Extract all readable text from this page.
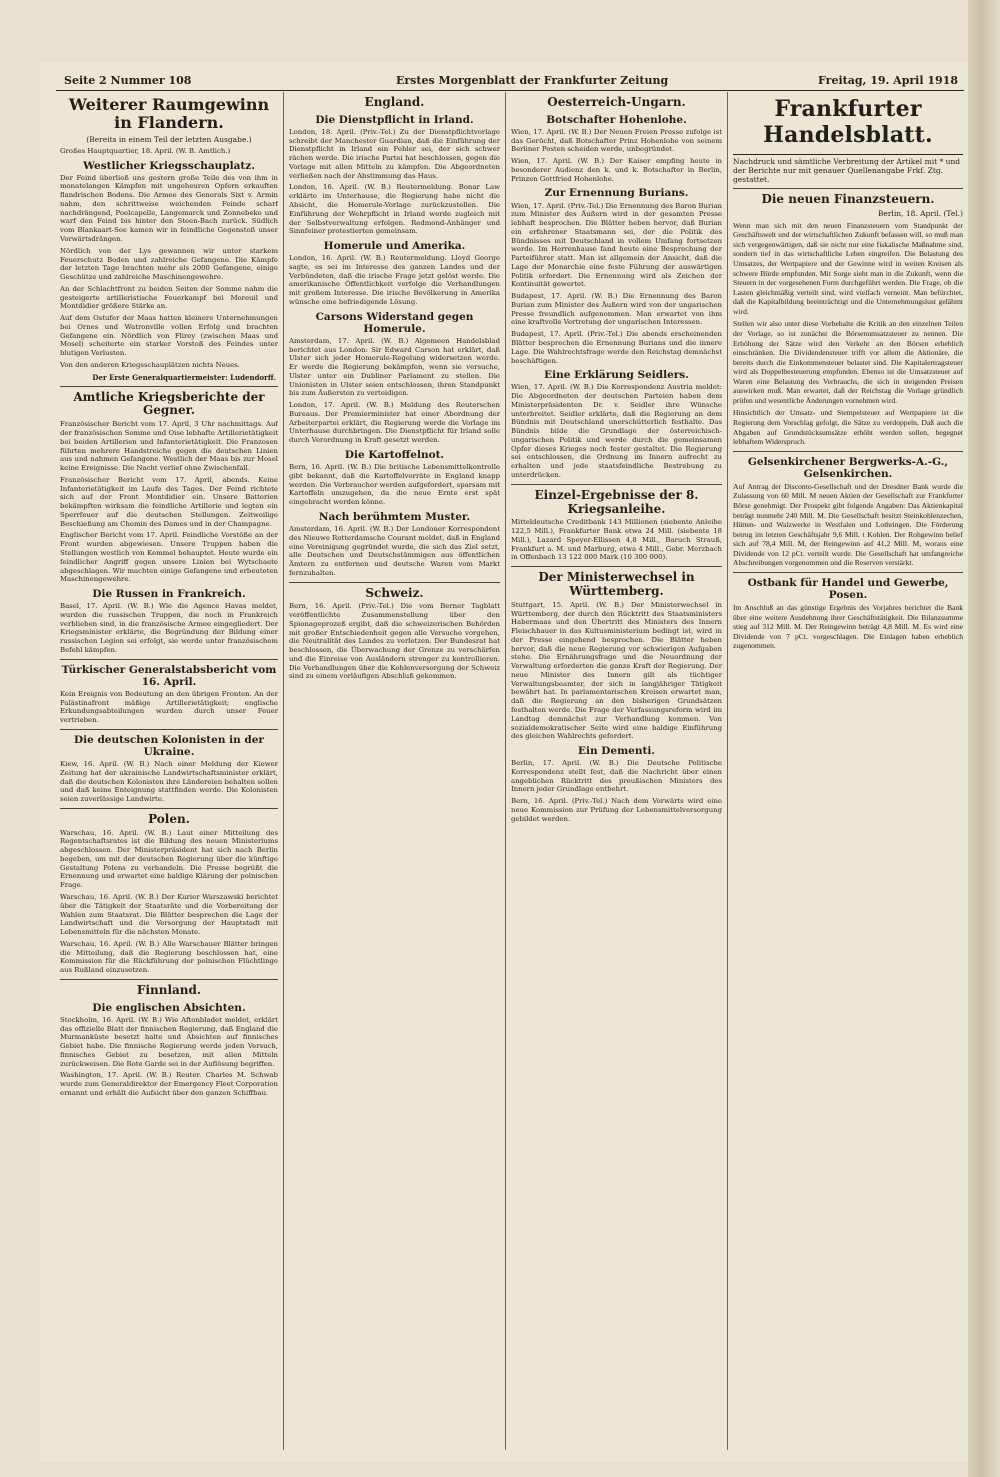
Seite 2 Nummer 108	Erstes Morgenblatt der Frankfurter Zeitung	Freitag, 19. April 1918
Weiterer Raumgewinn in Flandern.
(Bereits in einem Teil der letzten Ausgabe.)

Großes Hauptquartier, 18. April. (W. B. Amtlich.)

Westlicher Kriegsschauplatz.

Der Feind überließ uns gestern große Teile des von ihm in monatelangen Kämpfen mit ungeheuren Opfern erkauften flandrischen Bodens. Die Armee des Generals Sixt v. Armin nahm, den schrittweise weichenden Feinde scharf nachdrängend, Poelcapelle, Langemarck und Zonnebeke und warf den Feind bis hinter den Steen-Bach zurück. Südlich vom Blankaart-See kamen wir in feindliche Gegenstoß unser Vorwärtsdrängen.

Nördlich von der Lys gewannen wir unter starkem Feuerschutz Boden und zahlreiche Gefangene. Die Kämpfe der letzten Tage brachten mehr als 2000 Gefangene, einige Geschütze und zahlreiche Maschinengewehre.

An der Schlachtfront zu beiden Seiten der Somme nahm die gesteigerte artilleristische Feuerkampf bei Moreuil und Montdidier größere Stärke an.

Auf dem Ostufer der Maas hatten kleinere Unternehmungen bei Ornes und Watronville vollen Erfolg und brachten Gefangene ein. Nördlich von Flirey (zwischen Maas und Mosel) scheiterte ein starker Vorstoß des Feindes unter blutigen Verlusten.

Von den anderen Kriegsschauplätzen nichts Neues.

Der Erste Generalquartiermeister: Ludendorff.
Amtliche Kriegsberichte der Gegner.

Französischer Bericht vom 17. April, 3 Uhr nachmittags. Auf der französischen Somme und Oise lebhafte Artillerietätigkeit bei beiden Artillerien und Infanterietätigkeit. Die Franzosen führten mehrere Handstreiche gegen die deutschen Linien aus und nahmen Gefangene. Westlich der Maas bis zur Mosel keine Ereignisse. Die Nacht verlief ohne Zwischenfall.

Französischer Bericht vom 17. April, abends. Keine Infanterietätigkeit im Laufe des Tages. Der Feind richtete sich auf der Front Montdidier ein. Unsere Batterien bekämpften wirksam die feindliche Artillerie und legten ein Sperrfeuer auf die deutschen Stellungen. Zeitweilige Beschießung am Chemin des Dames und in der Champagne.

Englischer Bericht vom 17. April. Feindliche Vorstöße an der Front wurden abgewiesen. Unsere Truppen haben die Stellungen westlich von Kemmel behauptet. Heute wurde ein feindlicher Angriff gegen unsere Linien bei Wytschaete abgeschlagen. Wir machten einige Gefangene und erbeuteten Maschinengewehre.

Die Russen in Frankreich.

Basel, 17. April. (W. B.) Wie die Agence Havas meldet, wurden die russischen Truppen, die noch in Frankreich verblieben sind, in die französische Armee eingegliedert. Der Kriegsminister erklärte, die Begründung der Bildung einer russischen Legion sei erfolgt, sie werde unter französischem Befehl kämpfen.

Türkischer Generalstabsbericht vom 16. April.

Kein Ereignis von Bedeutung an den übrigen Fronten. An der Palästinafront mäßige Artillerietätigkeit; englische Erkundungsabteilungen wurden durch unser Feuer vertrieben.

Die deutschen Kolonisten in der Ukraine.

Kiew, 16. April. (W. B.) Nach einer Meldung der Kiewer Zeitung hat der ukrainische Landwirtschaftsminister erklärt, daß die deutschen Kolonisten ihre Ländereien behalten sollen und daß keine Enteignung stattfinden werde. Die Kolonisten seien zuverlässige Landwirte.

Polen.

Warschau, 16. April. (W. B.) Laut einer Mitteilung des Regentschaftsrates ist die Bildung des neuen Ministeriums abgeschlossen. Der Ministerpräsident hat sich nach Berlin begeben, um mit der deutschen Regierung über die künftige Gestaltung Polens zu verhandeln. Die Presse begrüßt die Ernennung und erwartet eine baldige Klärung der polnischen Frage.

Warschau, 16. April. (W. B.) Der Kurier Warszawski berichtet über die Tätigkeit der Staatsräte und die Vorbereitung der Wahlen zum Staatsrat. Die Blätter besprechen die Lage der Landwirtschaft und die Versorgung der Hauptstadt mit Lebensmitteln für die nächsten Monate.

Warschau, 16. April. (W. B.) Alle Warschauer Blätter bringen die Mitteilung, daß die Regierung beschlossen hat, eine Kommission für die Rückführung der polnischen Flüchtlinge aus Rußland einzusetzen.

Finnland.
Die englischen Absichten.

Stockholm, 16. April. (W. B.) Wie Aftonbladet meldet, erklärt das offizielle Blatt der finnischen Regierung, daß England die Murmanküste besetzt halte und Absichten auf finnisches Gebiet habe. Die finnische Regierung werde jeden Versuch, finnisches Gebiet zu besetzen, mit allen Mitteln zurückweisen. Die Rote Garde sei in der Auflösung begriffen.

Washington, 17. April. (W. B.) Reuter. Charles M. Schwab wurde zum Generaldirektor der Emergency Fleet Corporation ernannt und erhält die Aufsicht über den ganzen Schiffbau.

England.
Die Dienstpflicht in Irland.

London, 18. April. (Priv.-Tel.) Zu der Dienstpflichtvorlage schreibt der Manchester Guardian, daß die Einführung der Dienstpflicht in Irland ein Fehler sei, der sich schwer rächen werde. Die irische Partei hat beschlossen, gegen die Vorlage mit allen Mitteln zu kämpfen. Die Abgeordneten verließen nach der Abstimmung das Haus.

London, 16. April. (W. B.) Reutermeldung. Bonar Law erklärte im Unterhause, die Regierung habe nicht die Absicht, die Homerule-Vorlage zurückzustellen. Die Einführung der Wehrpflicht in Irland werde zugleich mit der Selbstverwaltung erfolgen. Redmond-Anhänger und Sinnfeiner protestierten gemeinsam.

Homerule und Amerika.

London, 16. April. (W. B.) Reutermeldung. Lloyd George sagte, es sei im Interesse des ganzen Landes und der Verbündeten, daß die irische Frage jetzt gelöst werde. Die amerikanische Öffentlichkeit verfolge die Verhandlungen mit großem Interesse. Die irische Bevölkerung in Amerika wünsche eine befriedigende Lösung.

Carsons Widerstand gegen Homerule.

Amsterdam, 17. April. (W. B.) Algemeen Handelsblad berichtet aus London: Sir Edward Carson hat erklärt, daß Ulster sich jeder Homerule-Regelung widersetzen werde. Er werde die Regierung bekämpfen, wenn sie versuche, Ulster unter ein Dubliner Parlament zu stellen. Die Unionisten in Ulster seien entschlossen, ihren Standpunkt bis zum Äußersten zu verteidigen.

London, 17. April. (W. B.) Meldung des Reuterschen Bureaus. Der Premierminister hat einer Abordnung der Arbeiterpartei erklärt, die Regierung werde die Vorlage im Unterhause durchbringen. Die Dienstpflicht für Irland solle durch Verordnung in Kraft gesetzt werden.

Die Kartoffelnot.

Bern, 16. April. (W. B.) Die britische Lebensmittelkontrolle gibt bekannt, daß die Kartoffelvorräte in England knapp werden. Die Verbraucher werden aufgefordert, sparsam mit Kartoffeln umzugehen, da die neue Ernte erst spät eingebracht werden könne.

Nach berühmtem Muster.

Amsterdam, 16. April. (W. B.) Der Londoner Korrespondent des Nieuwe Rotterdamsche Courant meldet, daß in England eine Vereinigung gegründet wurde, die sich das Ziel setzt, alle Deutschen und Deutschstämmigen aus öffentlichen Ämtern zu entfernen und deutsche Waren vom Markt fernzuhalten.

Schweiz.

Bern, 16. April. (Priv.-Tel.) Die vom Berner Tagblatt veröffentlichte Zusammenstellung über den Spionageprozeß ergibt, daß die schweizerischen Behörden mit großer Entschiedenheit gegen alle Versuche vorgehen, die Neutralität des Landes zu verletzen. Der Bundesrat hat beschlossen, die Überwachung der Grenze zu verschärfen und die Einreise von Ausländern strenger zu kontrollieren. Die Verhandlungen über die Kohlenversorgung der Schweiz sind zu einem vorläufigen Abschluß gekommen.

Oesterreich-Ungarn.
Botschafter Hohenlohe.

Wien, 17. April. (W. B.) Der Neuen Freien Presse zufolge ist das Gerücht, daß Botschafter Prinz Hohenlohe von seinem Berliner Posten scheiden werde, unbegründet.

Wien, 17. April. (W. B.) Der Kaiser empfing heute in besonderer Audienz den k. und k. Botschafter in Berlin, Prinzen Gottfried Hohenlohe.

Zur Ernennung Burians.

Wien, 17. April. (Priv.-Tel.) Die Ernennung des Baron Burian zum Minister des Äußern wird in der gesamten Presse lebhaft besprochen. Die Blätter heben hervor, daß Burian ein erfahrener Staatsmann sei, der die Politik des Bündnisses mit Deutschland in vollem Umfang fortsetzen werde. Im Herrenhause fand heute eine Besprechung der Parteiführer statt. Man ist allgemein der Ansicht, daß die Lage der Monarchie eine feste Führung der auswärtigen Politik erfordert. Die Ernennung wird als Zeichen der Kontinuität gewertet.

Budapest, 17. April. (W. B.) Die Ernennung des Baron Burian zum Minister des Äußern wird von der ungarischen Presse freundlich aufgenommen. Man erwartet von ihm eine kraftvolle Vertretung der ungarischen Interessen.

Budapest, 17. April. (Priv.-Tel.) Die abends erscheinenden Blätter besprechen die Ernennung Burians und die innere Lage. Die Wahlrechtsfrage werde den Reichstag demnächst beschäftigen.

Eine Erklärung Seidlers.

Wien, 17. April. (W. B.) Die Korrespondenz Austria meldet: Die Abgeordneten der deutschen Parteien haben dem Ministerpräsidenten Dr. v. Seidler ihre Wünsche unterbreitet. Seidler erklärte, daß die Regierung an dem Bündnis mit Deutschland unerschütterlich festhalte. Das Bündnis bilde die Grundlage der österreichisch-ungarischen Politik und werde durch die gemeinsamen Opfer dieses Krieges noch fester gestaltet. Die Regierung sei entschlossen, die Ordnung im Innern aufrecht zu erhalten und jede staatsfeindliche Bestrebung zu unterdrücken.

Einzel-Ergebnisse der 8. Kriegsanleihe.

Mitteldeutsche Creditbank 143 Millionen (siebente Anleihe 122,5 Mill.), Frankfurter Bank etwa 24 Mill. (siebente 18 Mill.), Lazard Speyer-Ellissen 4,8 Mill., Baruch Strauß, Frankfurt a. M. und Marburg, etwa 4 Mill., Gebr. Merzbach in Offenbach 13 122 000 Mark (10 300 000).

Der Ministerwechsel in Württemberg.

Stuttgart, 15. April. (W. B.) Der Ministerwechsel in Württemberg, der durch den Rücktritt des Staatsministers Habermaas und den Übertritt des Ministers des Innern Fleischhauer in das Kultusministerium bedingt ist, wird in der Presse eingehend besprochen. Die Blätter heben hervor, daß die neue Regierung vor schwierigen Aufgaben stehe. Die Ernährungsfrage und die Neuordnung der Verwaltung erforderten die ganze Kraft der Regierung. Der neue Minister des Innern gilt als tüchtiger Verwaltungsbeamter, der sich in langjähriger Tätigkeit bewährt hat. In parlamentarischen Kreisen erwartet man, daß die Regierung an den bisherigen Grundsätzen festhalten werde. Die Frage der Verfassungsreform wird im Landtag demnächst zur Verhandlung kommen. Von sozialdemokratischer Seite wird eine baldige Einführung des gleichen Wahlrechts gefordert.

Ein Dementi.

Berlin, 17. April. (W. B.) Die Deutsche Politische Korrespondenz stellt fest, daß die Nachricht über einen angeblichen Rücktritt des preußischen Ministers des Innern jeder Grundlage entbehrt.

Bern, 16. April. (Priv.-Tel.) Nach dem Vorwärts wird eine neue Kommission zur Prüfung der Lebensmittelversorgung gebildet werden.

Frankfurter Handelsblatt.
Nachdruck und sämtliche Verbreitung der Artikel mit * und der Berichte nur mit genauer Quellenangabe Frkf. Ztg. gestattet.
Die neuen Finanzsteuern.
Berlin, 18. April. (Tel.)

Wenn man sich mit den neuen Finanzsteuern vom Standpunkt der Geschäftswelt und der wirtschaftlichen Zukunft befassen will, so muß man sich vergegenwärtigen, daß sie nicht nur eine fiskalische Maßnahme sind, sondern tief in das wirtschaftliche Leben eingreifen. Die Belastung des Umsatzes, der Wertpapiere und der Gewinne wird in weiten Kreisen als schwere Bürde empfunden. Mit Sorge sieht man in die Zukunft, wenn die Steuern in der vorgesehenen Form durchgeführt werden. Die Frage, ob die Lasten gleichmäßig verteilt sind, wird vielfach verneint. Man befürchtet, daß die Kapitalbildung beeinträchtigt und die Unternehmungslust gelähmt wird.

Stellen wir also unter diese Vorbehalte die Kritik an den einzelnen Teilen der Vorlage, so ist zunächst die Börsenumsatzsteuer zu nennen. Die Erhöhung der Sätze wird den Verkehr an den Börsen erheblich einschränken. Die Dividendensteuer trifft vor allem die Aktionäre, die bereits durch die Einkommensteuer belastet sind. Die Kapitalertragsteuer wird als Doppelbesteuerung empfunden. Ebenso ist die Umsatzsteuer auf Waren eine Belastung des Verbrauchs, die sich in steigenden Preisen auswirken muß. Man erwartet, daß der Reichstag die Vorlage gründlich prüfen und wesentliche Änderungen vornehmen wird.

Hinsichtlich der Umsatz- und Stempelsteuer auf Wertpapiere ist die Regierung dem Vorschlag gefolgt, die Sätze zu verdoppeln. Daß auch die Abgaben auf Grundstücksumsätze erhöht werden sollen, begegnet lebhaftem Widerspruch.

Gelsenkirchener Bergwerks-A.-G., Gelsenkirchen.

Auf Antrag der Disconto-Gesellschaft und der Dresdner Bank wurde die Zulassung von 60 Mill. M neuen Aktien der Gesellschaft zur Frankfurter Börse genehmigt. Der Prospekt gibt folgende Angaben: Das Aktienkapital beträgt nunmehr 240 Mill. M. Die Gesellschaft besitzt Steinkohlenzechen, Hütten- und Walzwerke in Westfalen und Lothringen. Die Förderung betrug im letzten Geschäftsjahr 9,6 Mill. t Kohlen. Der Rohgewinn belief sich auf 78,4 Mill. M, der Reingewinn auf 41,2 Mill. M, woraus eine Dividende von 12 pCt. verteilt wurde. Die Gesellschaft hat umfangreiche Abschreibungen vorgenommen und die Reserven verstärkt.

Ostbank für Handel und Gewerbe, Posen.

Im Anschluß an das günstige Ergebnis des Vorjahres berichtet die Bank über eine weitere Ausdehnung ihrer Geschäftstätigkeit. Die Bilanzsumme stieg auf 312 Mill. M. Der Reingewinn beträgt 4,8 Mill. M. Es wird eine Dividende von 7 pCt. vorgeschlagen. Die Einlagen haben erheblich zugenommen.
